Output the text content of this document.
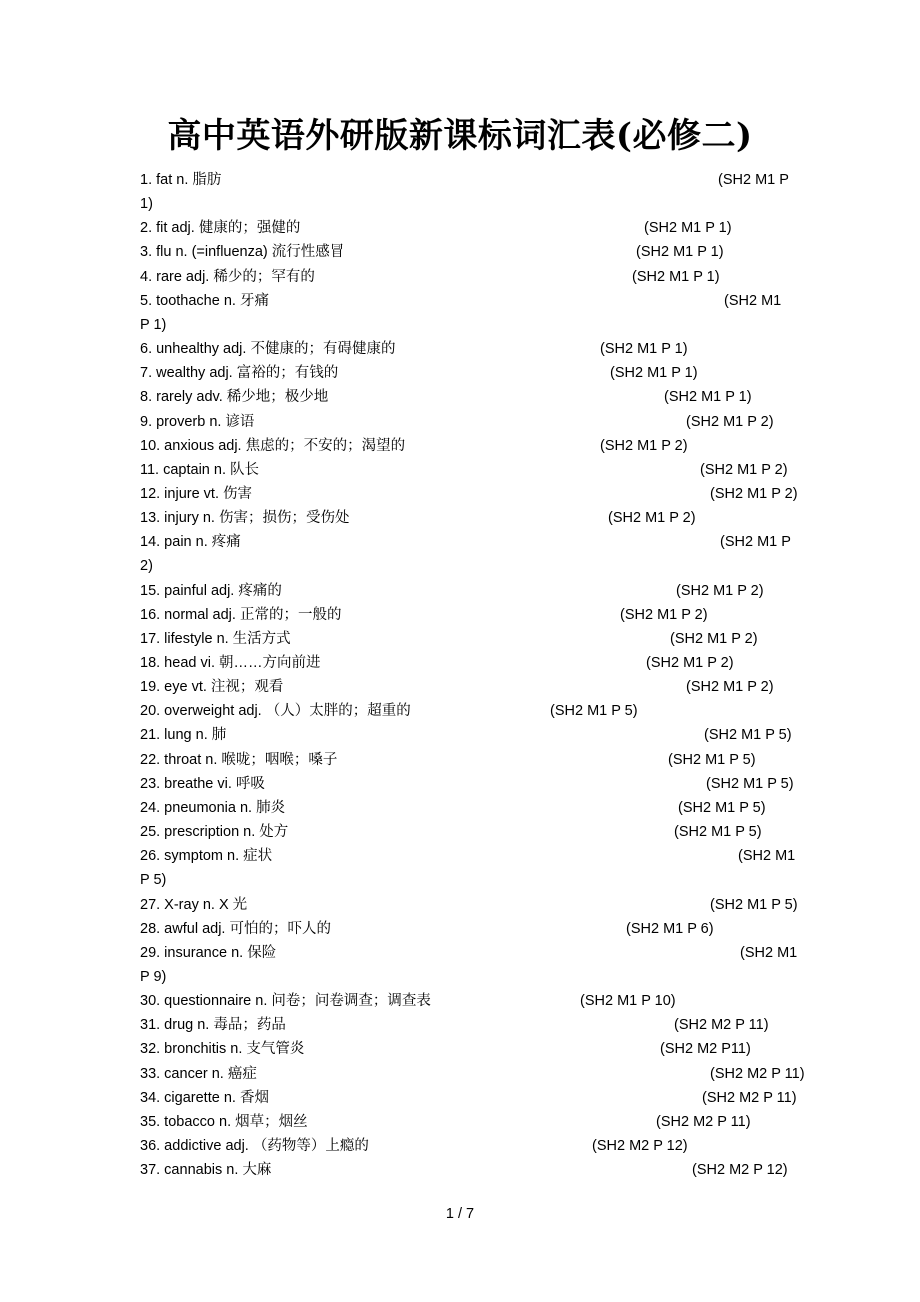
高中英语外研版新课标词汇表(必修二)
1. fat n. 脂肪	(SH2 M1 P
1)
2. fit adj. 健康的；强健的	(SH2 M1 P 1)
3. flu n. (=influenza) 流行性感冒	(SH2 M1 P 1)
4. rare adj. 稀少的；罕有的	(SH2 M1 P 1)
5. toothache n. 牙痛	(SH2 M1
P 1)
6. unhealthy adj. 不健康的；有碍健康的	(SH2 M1 P 1)
7. wealthy adj. 富裕的；有钱的	(SH2 M1 P 1)
8. rarely adv. 稀少地；极少地	(SH2 M1 P 1)
9. proverb n. 谚语	(SH2 M1 P 2)
10. anxious adj. 焦虑的；不安的；渴望的	(SH2 M1 P 2)
11. captain n. 队长	(SH2 M1 P 2)
12. injure vt. 伤害	(SH2 M1 P 2)
13. injury n. 伤害；损伤；受伤处	(SH2 M1 P 2)
14. pain n. 疼痛	(SH2 M1 P
2)
15. painful adj. 疼痛的	(SH2 M1 P 2)
16. normal adj. 正常的；一般的	(SH2 M1 P 2)
17. lifestyle n. 生活方式	(SH2 M1 P 2)
18. head vi. 朝……方向前进	(SH2 M1 P 2)
19. eye vt. 注视；观看	(SH2 M1 P 2)
20. overweight adj. （人）太胖的；超重的	(SH2 M1 P 5)
21. lung n. 肺	(SH2 M1 P 5)
22. throat n. 喉咙；咽喉；嗓子	(SH2 M1 P 5)
23. breathe vi. 呼吸	(SH2 M1 P 5)
24. pneumonia n. 肺炎	(SH2 M1 P 5)
25. prescription n. 处方	(SH2 M1 P 5)
26. symptom n. 症状	(SH2 M1
P 5)
27. X-ray n. X 光	(SH2 M1 P 5)
28. awful adj. 可怕的；吓人的	(SH2 M1 P 6)
29. insurance n. 保险	(SH2 M1
P 9)
30. questionnaire n. 问卷；问卷调查；调查表	(SH2 M1 P 10)
31. drug n. 毒品；药品	(SH2 M2 P 11)
32. bronchitis n. 支气管炎	(SH2 M2 P11)
33. cancer n. 癌症	(SH2 M2 P 11)
34. cigarette n. 香烟	(SH2 M2 P 11)
35. tobacco n. 烟草；烟丝	(SH2 M2 P 11)
36. addictive adj. （药物等）上瘾的	(SH2 M2 P 12)
37. cannabis n. 大麻	(SH2 M2 P 12)
1 / 7
